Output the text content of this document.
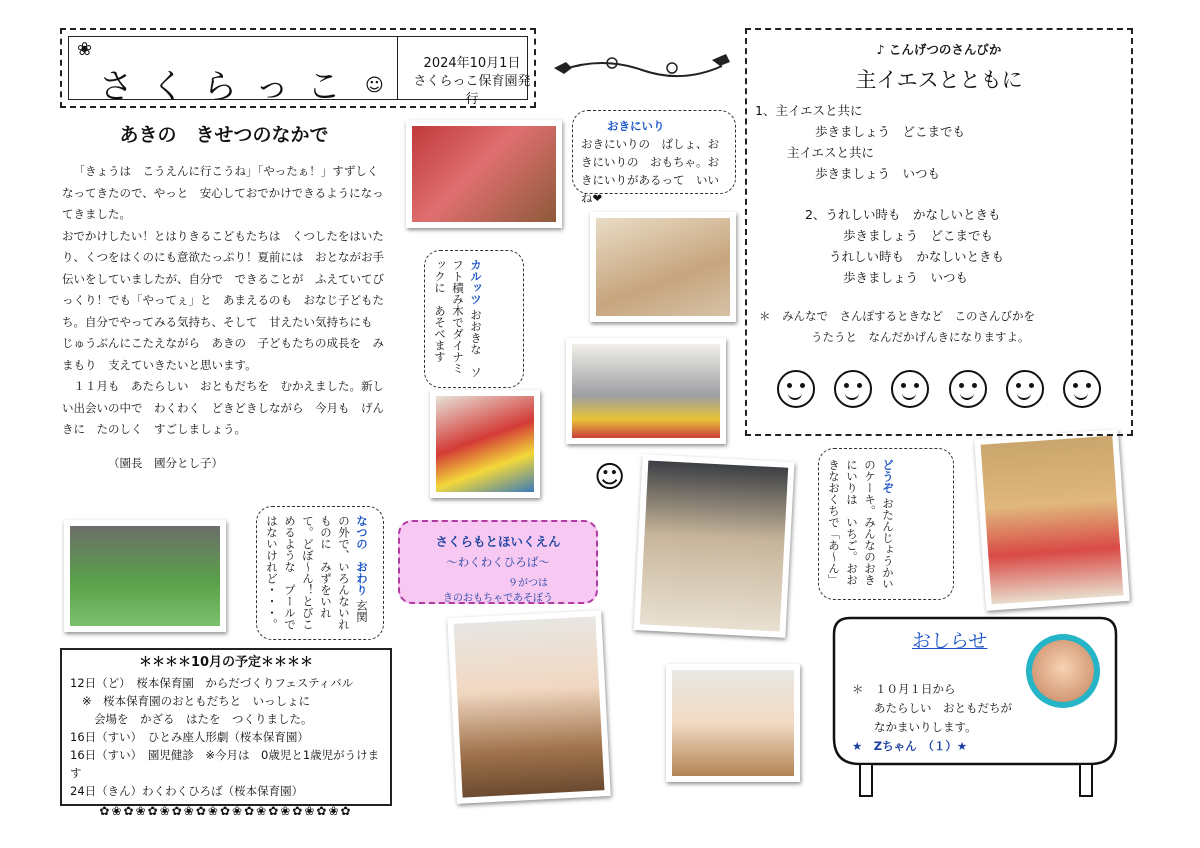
❀
さくらっこ ☺
2024年10月1日
さくらっこ保育園発行
あきの　きせつのなかで

「きょうは　こうえんに行こうね」「やったぁ！」すずしくなってきたので、やっと　安心しておでかけできるようになってきました。

おでかけしたい！とはりきるこどもたちは　くつしたをはいたり、くつをはくのにも意欲たっぷり！夏前には　おとながお手伝いをしていましたが、自分で　できることが　ふえていてびっくり！でも「やってぇ」と　あまえるのも　おなじ子どもたち。自分でやってみる気持ち、そして　甘えたい気持ちにも　じゅうぶんにこたえながら　あきの　子どもたちの成長を　みまもり　支えていきたいと思います。

１１月も　あたらしい　おともだちを　むかえました。新しい出会いの中で　わくわく　どきどきしながら　今月も　げんきに　たのしく　すごしましょう。

（園長　國分とし子）
おきにいり
おきにいりの　ばしょ、おきにいりの　おもちゃ。おきにいりがあるって　いいね❤
カルッツ おおきな　ソフト積み木でダイナミックに　あそべます
なつの　おわり 玄関の外で、いろんないれものに　みずをいれて。どぼ～ん！とびこめるような　プールではないけれど・・・。
どうぞ おたんじょうかいのケーキ。みんなのおきにいりは　いちご。おおきなおくちで「あ～ん」
☺
♪ こんげつのさんびか
主イエスとともに
1、主イエスと共に
歩きましょう　どこまでも
主イエスと共に
歩きましょう　いつも
2、うれしい時も　かなしいときも
歩きましょう　どこまでも
うれしい時も　かなしいときも
歩きましょう　いつも
＊　みんなで　さんぽするときなど　このさんびかを
うたうと　なんだかげんきになりますよ。

さくらもとほいくえん
～わくわくひろば～
９がつは
きのおもちゃであそぼう
＊＊＊＊10月の予定＊＊＊＊
12日（ど）　桜本保育園　からだづくりフェスティバル
※　桜本保育園のおともだちと　いっしょに
会場を　かざる　はたを　つくりました。
16日（すい）　ひとみ座人形劇（桜本保育園）
16日（すい）　園児健診　※今月は　0歳児と1歳児がうけます
24日（きん）わくわくひろば（桜本保育園）
✿❀✿❀✿❀✿❀✿❀✿❀✿❀✿❀✿❀✿❀✿
おしらせ
＊　１０月１日から
あたらしい　おともだちが
なかまいりします。
★　Zちゃん　（１）★
